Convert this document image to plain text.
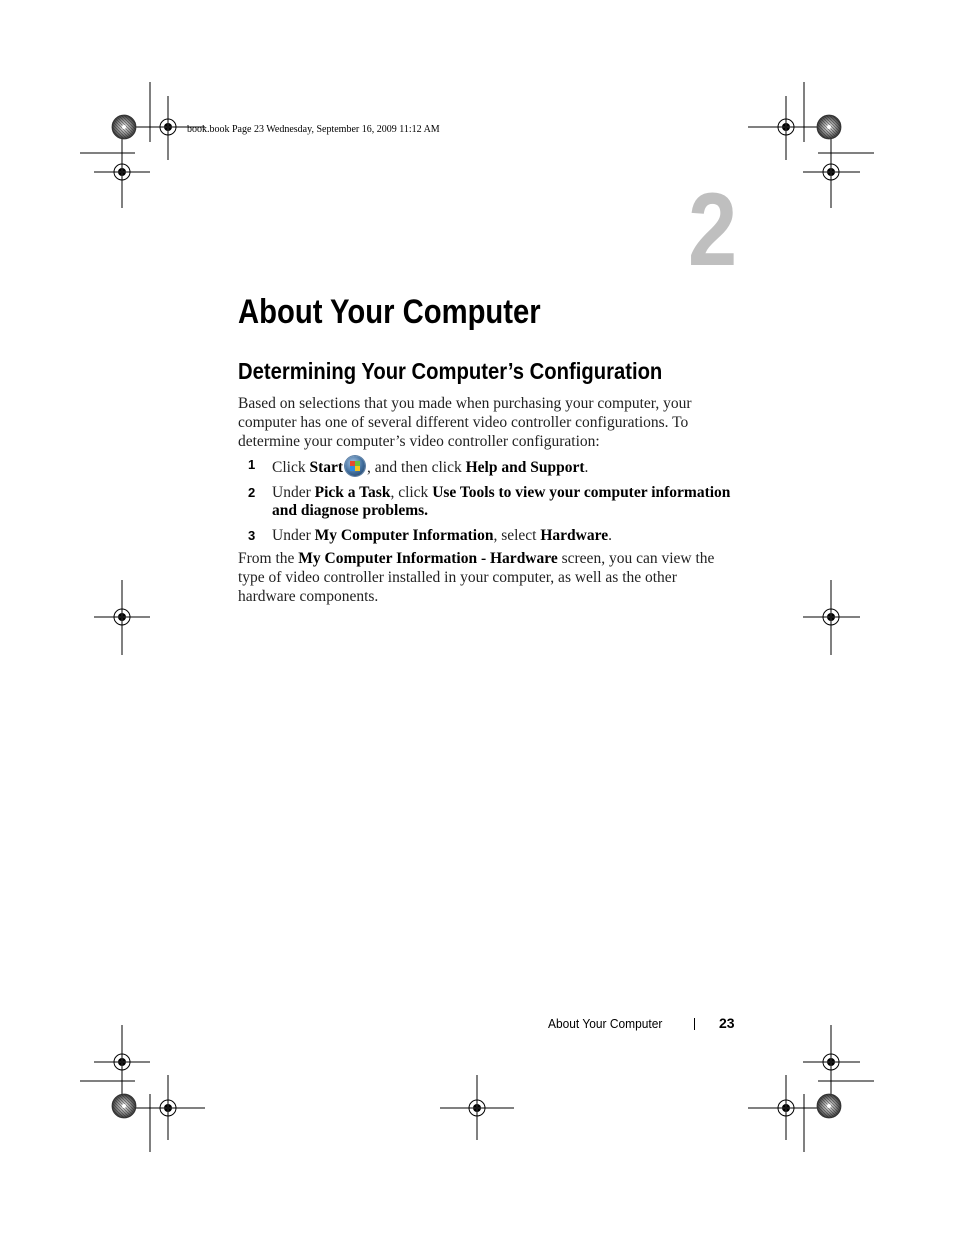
book.book Page 23 Wednesday, September 16, 2009 11:12 AM
2
About Your Computer
Determining Your Computer’s Configuration

Based on selections that you made when purchasing your computer, your computer has one of several different video controller configurations. To determine your computer’s video controller configuration:

1 Click Start , and then click Help and Support.
2 Under Pick a Task, click Use Tools to view your computer information and diagnose problems.
3 Under My Computer Information, select Hardware.

From the My Computer Information - Hardware screen, you can view the type of video controller installed in your computer, as well as the other hardware components.

About Your Computer	23
